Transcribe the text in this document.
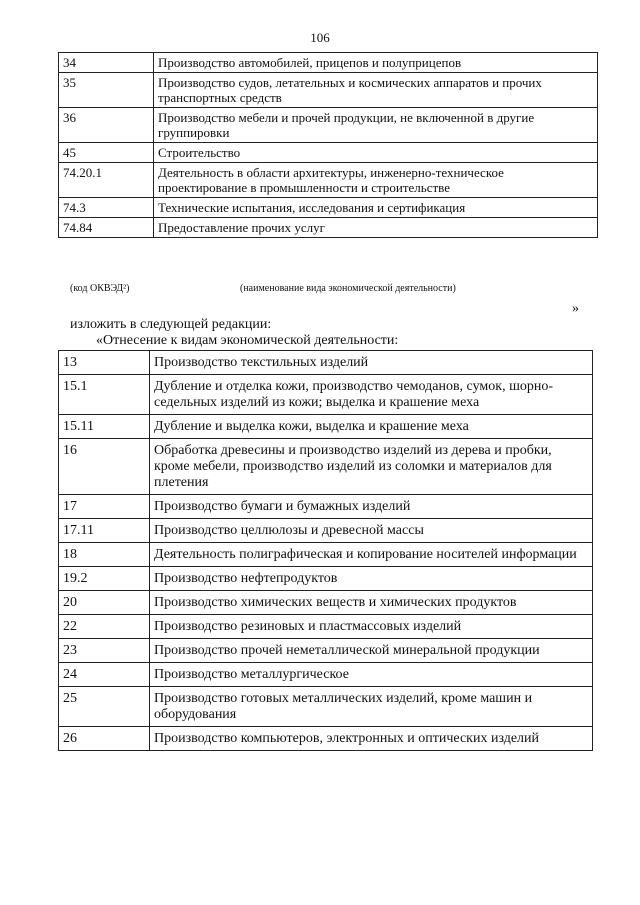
106
34	Производство автомобилей, прицепов и полуприцепов
35	Производство судов, летательных и космических аппаратов и прочих транспортных средств
36	Производство мебели и прочей продукции, не включенной в другие группировки
45	Строительство
74.20.1	Деятельность в области архитектуры, инженерно-техническое проектирование в промышленности и строительстве
74.3	Технические испытания, исследования и сертификация
74.84	Предоставление прочих услуг
(код ОКВЭД²)	(наименование вида экономической деятельности)
»
изложить в следующей редакции:
«Отнесение к видам экономической деятельности:
13	Производство текстильных изделий
15.1	Дубление и отделка кожи, производство чемоданов, сумок, шорно-седельных изделий из кожи; выделка и крашение меха
15.11	Дубление и выделка кожи, выделка и крашение меха
16	Обработка древесины и производство изделий из дерева и пробки, кроме мебели, производство изделий из соломки и материалов для плетения
17	Производство бумаги и бумажных изделий
17.11	Производство целлюлозы и древесной массы
18	Деятельность полиграфическая и копирование носителей информации
19.2	Производство нефтепродуктов
20	Производство химических веществ и химических продуктов
22	Производство резиновых и пластмассовых изделий
23	Производство прочей неметаллической минеральной продукции
24	Производство металлургическое
25	Производство готовых металлических изделий, кроме машин и оборудования
26	Производство компьютеров, электронных и оптических изделий
